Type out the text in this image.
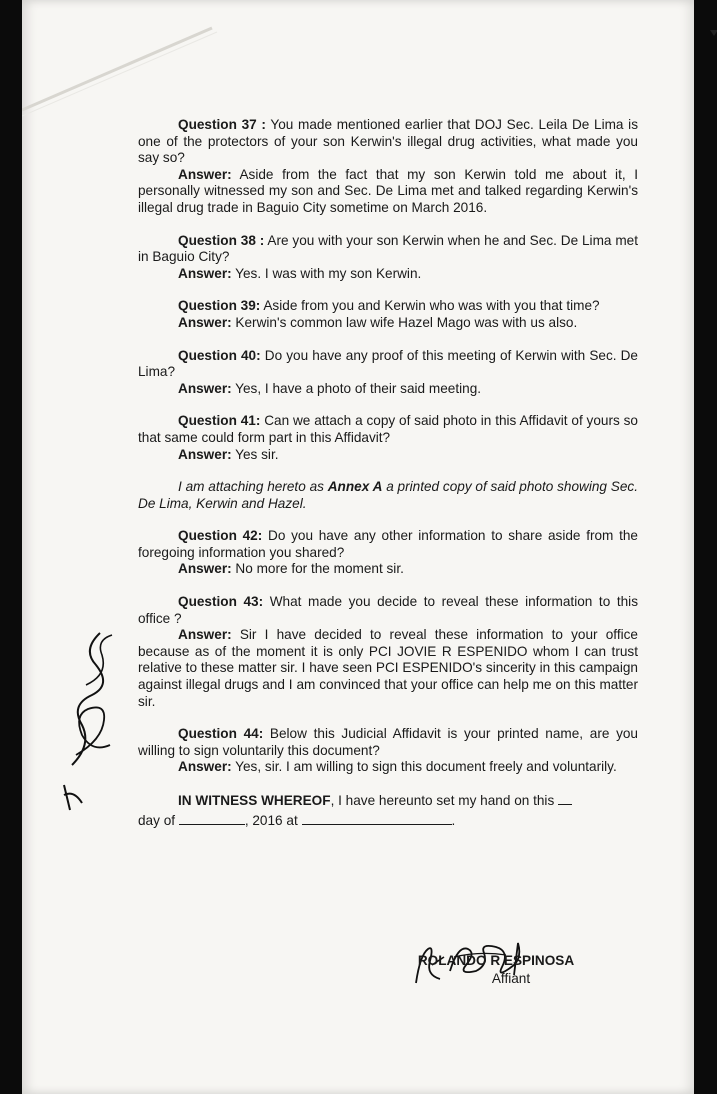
Question 37 : You made mentioned earlier that DOJ Sec. Leila De Lima is one of the protectors of your son Kerwin's illegal drug activities, what made you say so?

Answer: Aside from the fact that my son Kerwin told me about it, I personally witnessed my son and Sec. De Lima met and talked regarding Kerwin's illegal drug trade in Baguio City sometime on March 2016.

Question 38 : Are you with your son Kerwin when he and Sec. De Lima met in Baguio City?

Answer: Yes. I was with my son Kerwin.

Question 39: Aside from you and Kerwin who was with you that time?

Answer: Kerwin's common law wife Hazel Mago was with us also.

Question 40: Do you have any proof of this meeting of Kerwin with Sec. De Lima?

Answer: Yes, I have a photo of their said meeting.

Question 41: Can we attach a copy of said photo in this Affidavit of yours so that same could form part in this Affidavit?

Answer: Yes sir.

I am attaching hereto as Annex A a printed copy of said photo showing Sec. De Lima, Kerwin and Hazel.

Question 42: Do you have any other information to share aside from the foregoing information you shared?

Answer: No more for the moment sir.

Question 43: What made you decide to reveal these information to this office ?

Answer: Sir I have decided to reveal these information to your office because as of the moment it is only PCI JOVIE R ESPENIDO whom I can trust relative to these matter sir. I have seen PCI ESPENIDO's sincerity in this campaign against illegal drugs and I am convinced that your office can help me on this matter sir.

Question 44: Below this Judicial Affidavit is your printed name, are you willing to sign voluntarily this document?

Answer: Yes, sir. I am willing to sign this document freely and voluntarily.

IN WITNESS WHEREOF, I have hereunto set my hand on this

day of	, 2016 at	.

ROLANDO R ESPINOSA
Affiant
